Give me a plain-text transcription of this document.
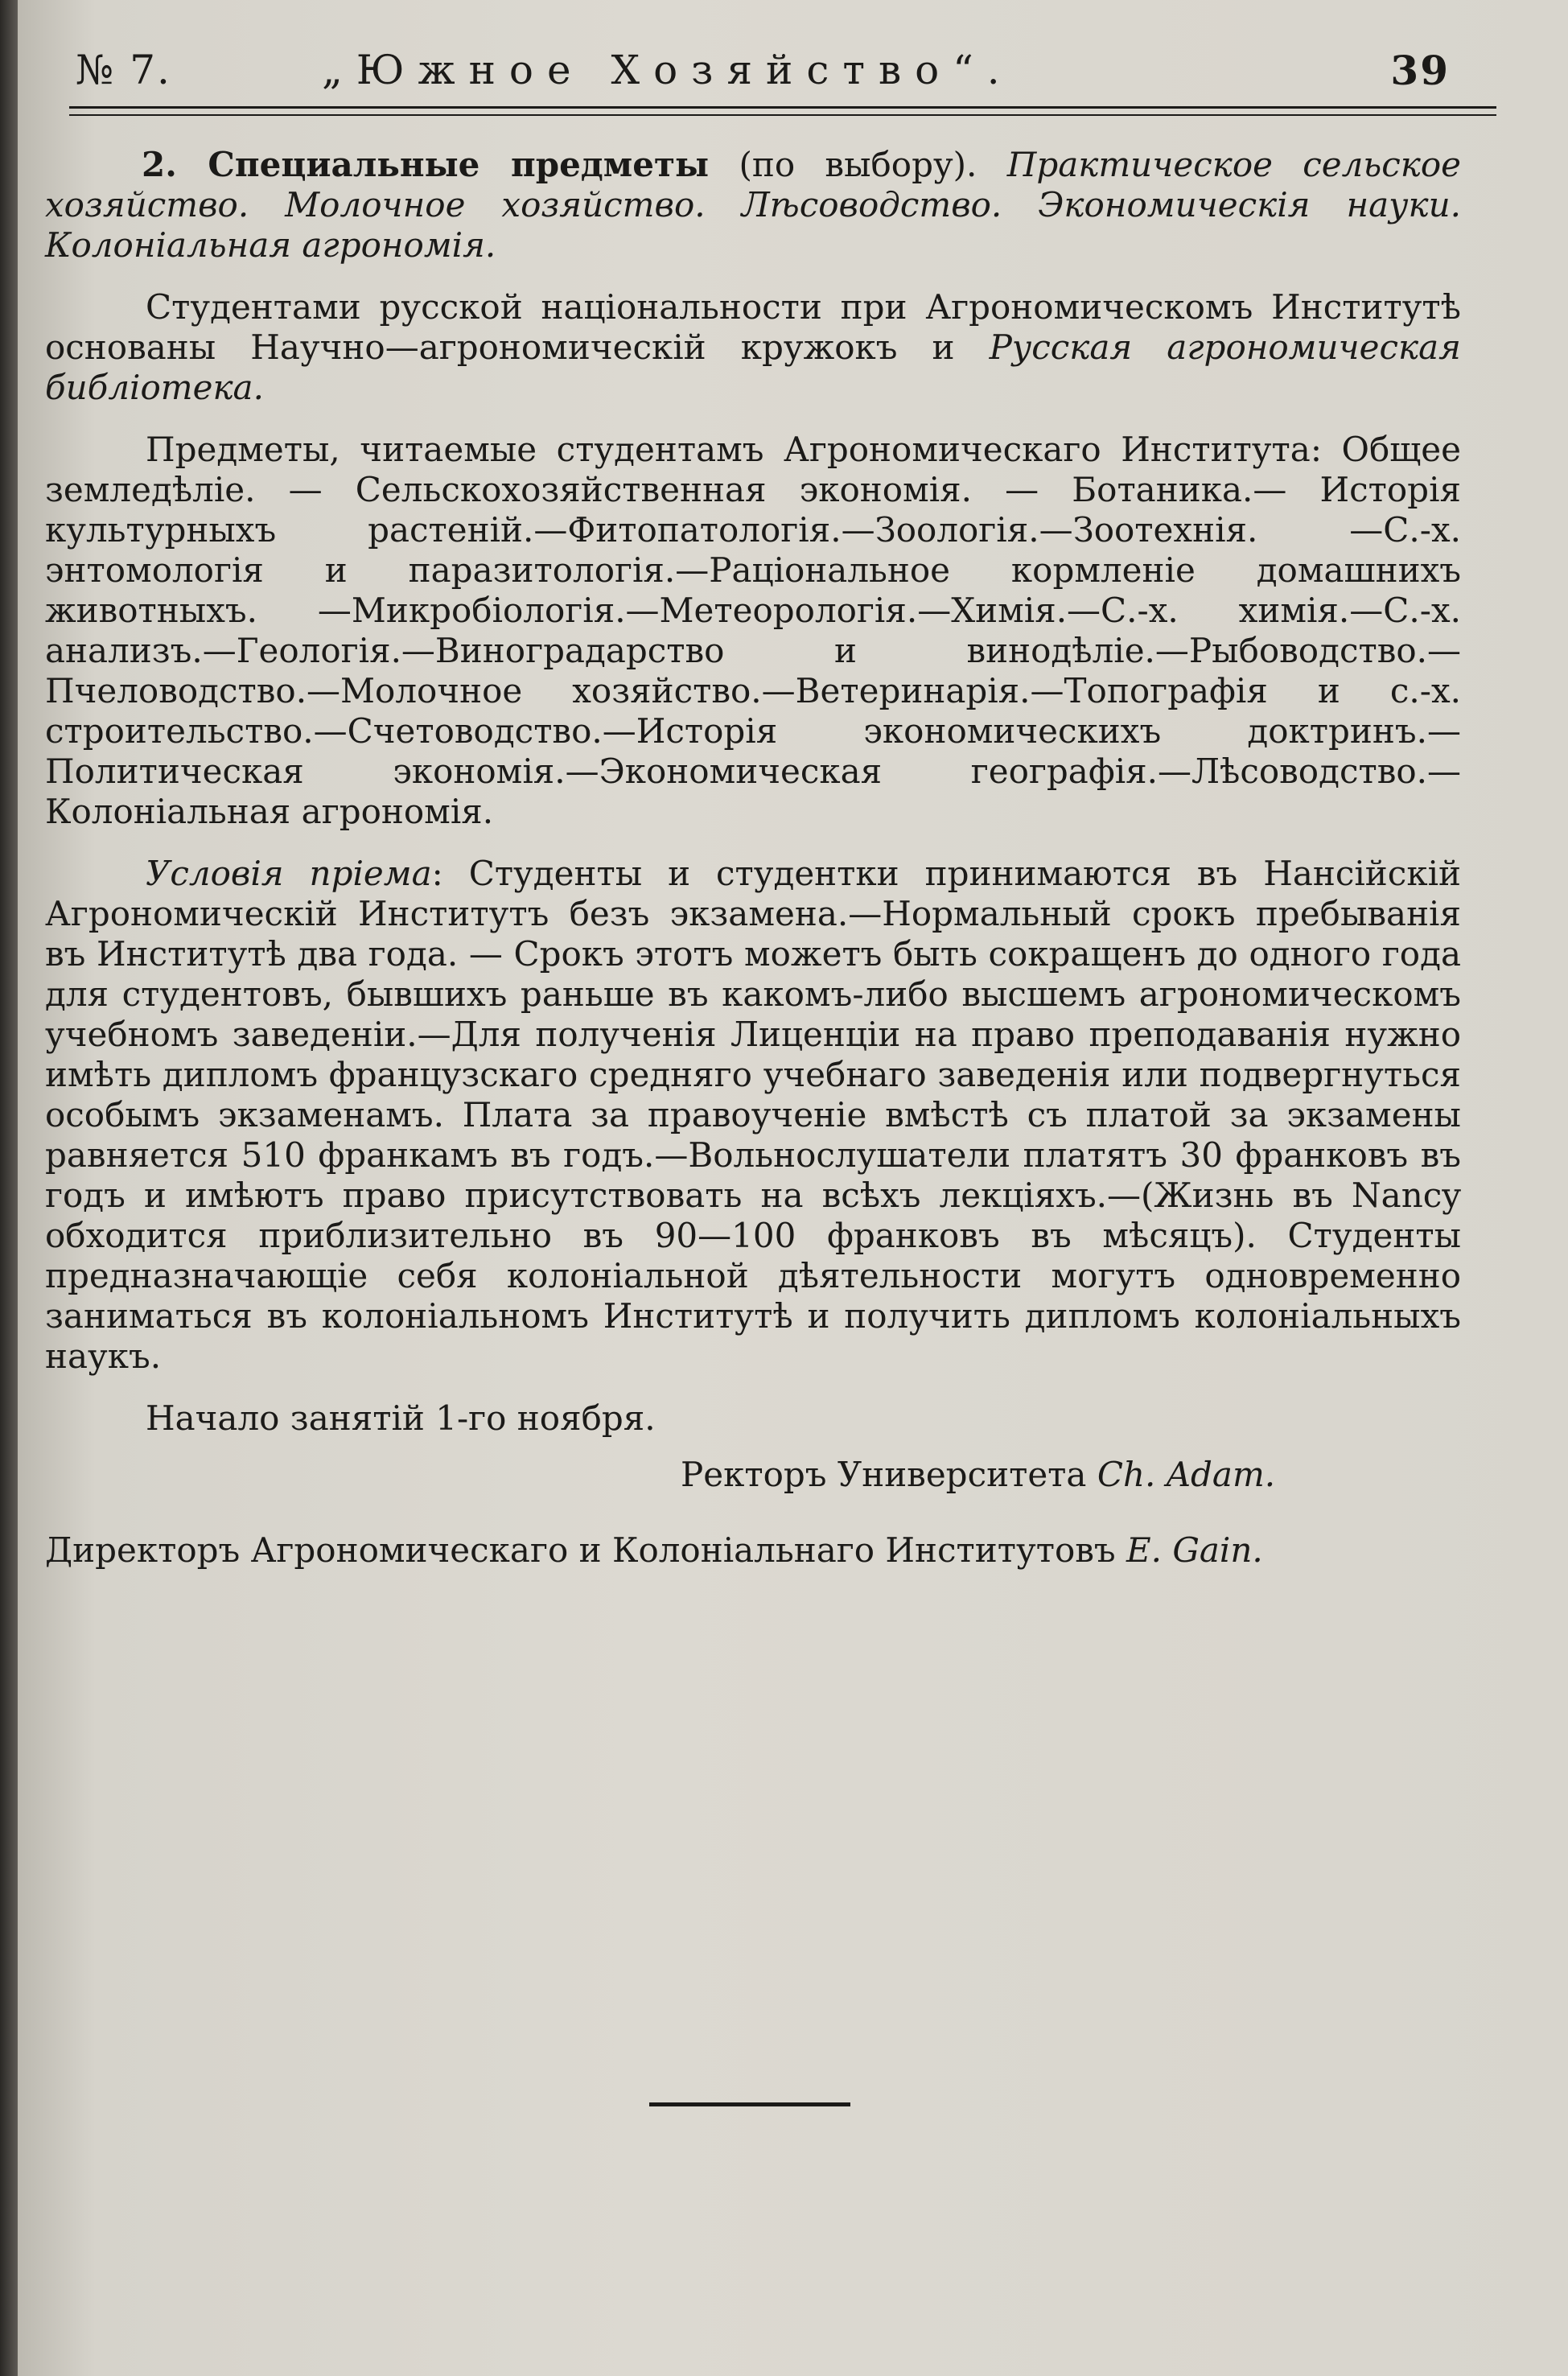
№ 7.	„Южное Хозяйство“.	39

2. Специальные предметы (по выбору). Практическое сельское хозяйство. Молочное хозяйство. Лѣсоводство. Экономическія науки. Колоніальная агрономія.

Студентами русской національности при Агрономическомъ Институтѣ основаны Научно—агрономическій кружокъ и Русская агрономическая библіотека.

Предметы, читаемые студентамъ Агрономическаго Института: Общее земледѣліе. — Сельскохозяйственная экономія. — Ботаника.— Исторія культурныхъ растеній.—Фитопатологія.—Зоологія.—Зоотехнія. —С.-х. энтомологія и паразитологія.—Раціональное кормленіе домашнихъ животныхъ. —Микробіологія.—Метеорологія.—Химія.—С.-х. химія.—С.-х. анализъ.—Геологія.—Виноградарство и винодѣліе.—Рыбоводство.—Пчеловодство.—Молочное хозяйство.—Ветеринарія.—Топографія и с.-х. строительство.—Счетоводство.—Исторія экономическихъ доктринъ.—Политическая экономія.—Экономическая географія.—Лѣсоводство.—Колоніальная агрономія.

Условія пріема: Студенты и студентки принимаются въ Нансійскій Агрономическій Институтъ безъ экзамена.—Нормальный срокъ пребыванія въ Институтѣ два года. — Срокъ этотъ можетъ быть сокращенъ до одного года для студентовъ, бывшихъ раньше въ какомъ-либо высшемъ агрономическомъ учебномъ заведеніи.—Для полученія Лиценціи на право преподаванія нужно имѣть дипломъ французскаго средняго учебнаго заведенія или подвергнуться особымъ экзаменамъ. Плата за правоученіе вмѣстѣ съ платой за экзамены равняется 510 франкамъ въ годъ.—Вольнослушатели платятъ 30 франковъ въ годъ и имѣютъ право присутствовать на всѣхъ лекціяхъ.—(Жизнь въ Nancy обходится приблизительно въ 90—100 франковъ въ мѣсяцъ). Студенты предназначающіе себя колоніальной дѣятельности могутъ одновременно заниматься въ колоніальномъ Институтѣ и получить дипломъ колоніальныхъ наукъ.

Начало занятій 1-го ноября.
Ректоръ Университета Ch. Adam.
Директоръ Агрономическаго и Колоніальнаго Институтовъ E. Gain.
